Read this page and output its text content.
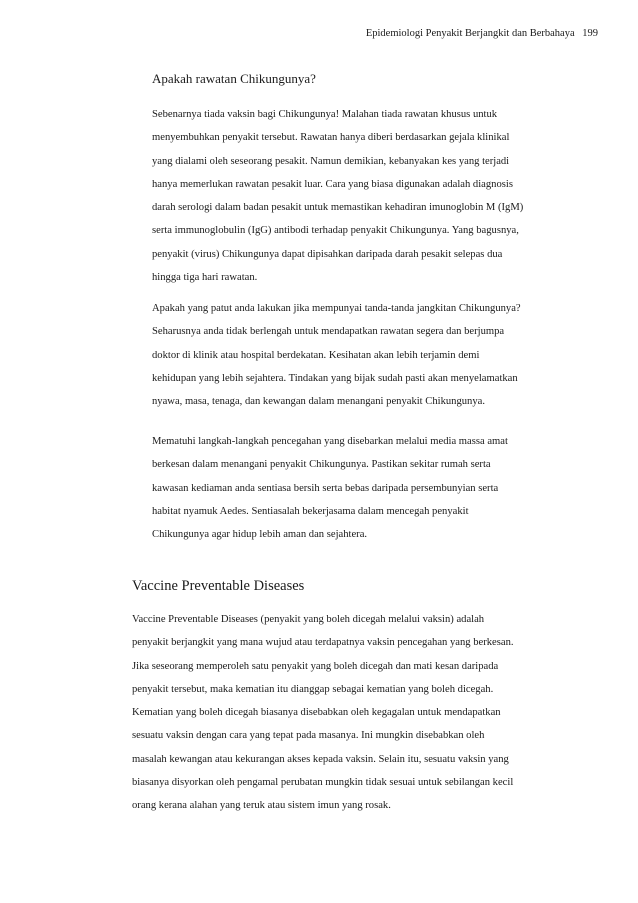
Epidemiologi Penyakit Berjangkit dan Berbahaya 199
Apakah rawatan Chikungunya?

Sebenarnya tiada vaksin bagi Chikungunya! Malahan tiada rawatan khusus untuk
menyembuhkan penyakit tersebut. Rawatan hanya diberi berdasarkan gejala klinikal
yang dialami oleh seseorang pesakit. Namun demikian, kebanyakan kes yang terjadi
hanya memerlukan rawatan pesakit luar. Cara yang biasa digunakan adalah diagnosis
darah serologi dalam badan pesakit untuk memastikan kehadiran imunoglobin M (IgM)
serta immunoglobulin (IgG) antibodi terhadap penyakit Chikungunya. Yang bagusnya,
penyakit (virus) Chikungunya dapat dipisahkan daripada darah pesakit selepas dua
hingga tiga hari rawatan.

Apakah yang patut anda lakukan jika mempunyai tanda-tanda jangkitan Chikungunya?
Seharusnya anda tidak berlengah untuk mendapatkan rawatan segera dan berjumpa
doktor di klinik atau hospital berdekatan. Kesihatan akan lebih terjamin demi
kehidupan yang lebih sejahtera. Tindakan yang bijak sudah pasti akan menyelamatkan
nyawa, masa, tenaga, dan kewangan dalam menangani penyakit Chikungunya.

Mematuhi langkah-langkah pencegahan yang disebarkan melalui media massa amat
berkesan dalam menangani penyakit Chikungunya. Pastikan sekitar rumah serta
kawasan kediaman anda sentiasa bersih serta bebas daripada persembunyian serta
habitat nyamuk Aedes. Sentiasalah bekerjasama dalam mencegah penyakit
Chikungunya agar hidup lebih aman dan sejahtera.

Vaccine Preventable Diseases

Vaccine Preventable Diseases (penyakit yang boleh dicegah melalui vaksin) adalah
penyakit berjangkit yang mana wujud atau terdapatnya vaksin pencegahan yang berkesan.
Jika seseorang memperoleh satu penyakit yang boleh dicegah dan mati kesan daripada
penyakit tersebut, maka kematian itu dianggap sebagai kematian yang boleh dicegah.
Kematian yang boleh dicegah biasanya disebabkan oleh kegagalan untuk mendapatkan
sesuatu vaksin dengan cara yang tepat pada masanya. Ini mungkin disebabkan oleh
masalah kewangan atau kekurangan akses kepada vaksin. Selain itu, sesuatu vaksin yang
biasanya disyorkan oleh pengamal perubatan mungkin tidak sesuai untuk sebilangan kecil
orang kerana alahan yang teruk atau sistem imun yang rosak.
